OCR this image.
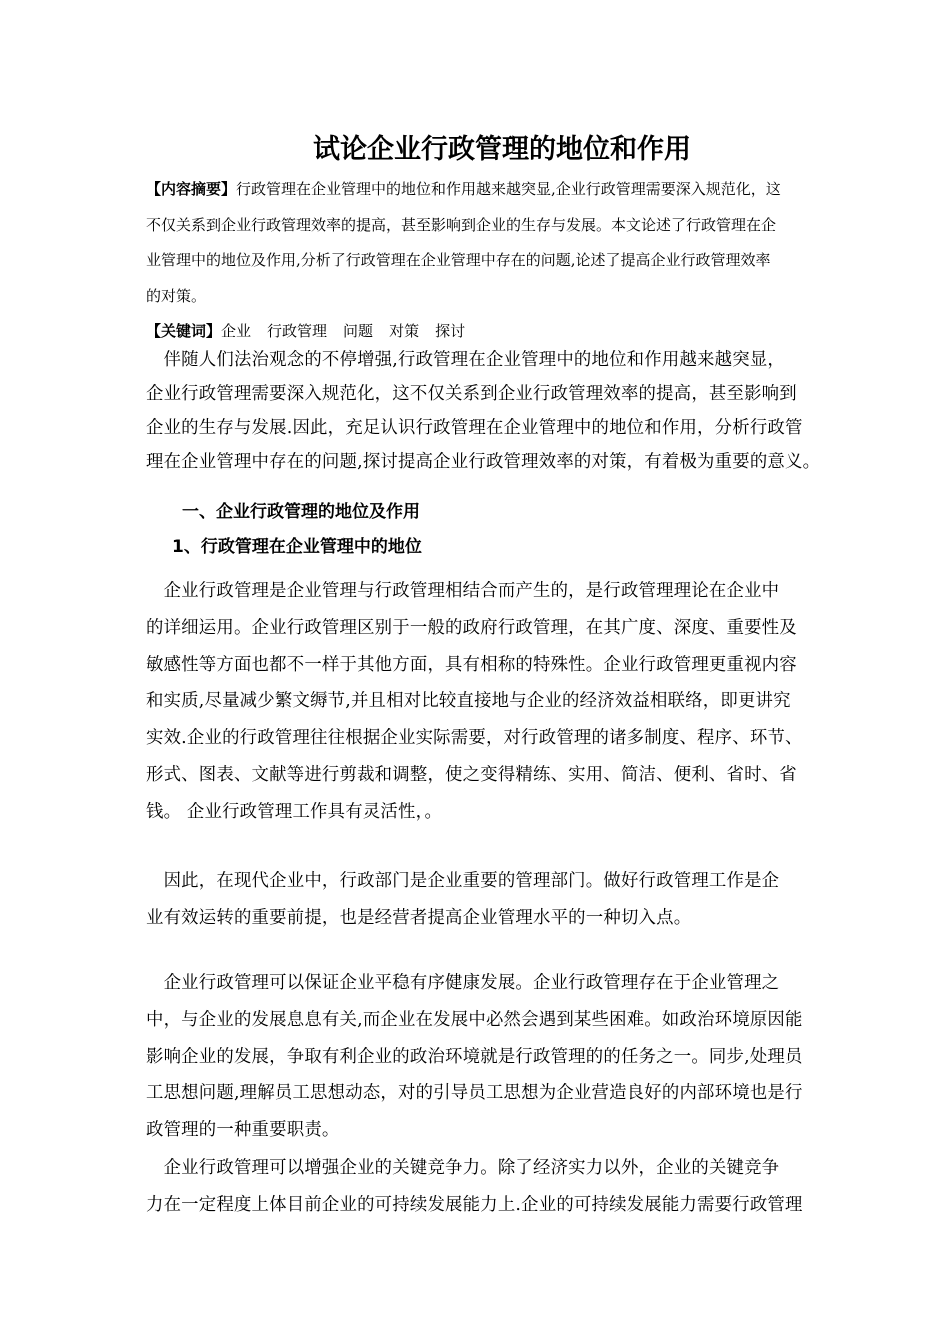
试论企业行政管理的地位和作用
【内容摘要】行政管理在企业管理中的地位和作用越来越突显,企业行政管理需要深入规范化，这
不仅关系到企业行政管理效率的提高，甚至影响到企业的生存与发展。本文论述了行政管理在企
业管理中的地位及作用,分析了行政管理在企业管理中存在的问题,论述了提高企业行政管理效率
的对策。
【关键词】企业 行政管理 问题 对策 探讨
　伴随人们法治观念的不停增强,行政管理在企业管理中的地位和作用越来越突显，
企业行政管理需要深入规范化，这不仅关系到企业行政管理效率的提高，甚至影响到
企业的生存与发展.因此，充足认识行政管理在企业管理中的地位和作用，分析行政管
理在企业管理中存在的问题,探讨提高企业行政管理效率的对策，有着极为重要的意义。
一、企业行政管理的地位及作用
1、行政管理在企业管理中的地位
　企业行政管理是企业管理与行政管理相结合而产生的，是行政管理理论在企业中
的详细运用。企业行政管理区别于一般的政府行政管理，在其广度、深度、重要性及
敏感性等方面也都不一样于其他方面，具有相称的特殊性。企业行政管理更重视内容
和实质,尽量减少繁文缛节,并且相对比较直接地与企业的经济效益相联络，即更讲究
实效.企业的行政管理往往根据企业实际需要，对行政管理的诸多制度、程序、环节、
形式、图表、文献等进行剪裁和调整，使之变得精练、实用、简洁、便利、省时、省
钱。 企业行政管理工作具有灵活性，。
　因此，在现代企业中，行政部门是企业重要的管理部门。做好行政管理工作是企
业有效运转的重要前提，也是经营者提高企业管理水平的一种切入点。
　企业行政管理可以保证企业平稳有序健康发展。企业行政管理存在于企业管理之
中，与企业的发展息息有关,而企业在发展中必然会遇到某些困难。如政治环境原因能
影响企业的发展，争取有利企业的政治环境就是行政管理的的任务之一。同步,处理员
工思想问题,理解员工思想动态，对的引导员工思想为企业营造良好的内部环境也是行
政管理的一种重要职责。
　企业行政管理可以增强企业的关键竞争力。除了经济实力以外，企业的关键竞争
力在一定程度上体目前企业的可持续发展能力上.企业的可持续发展能力需要行政管理
